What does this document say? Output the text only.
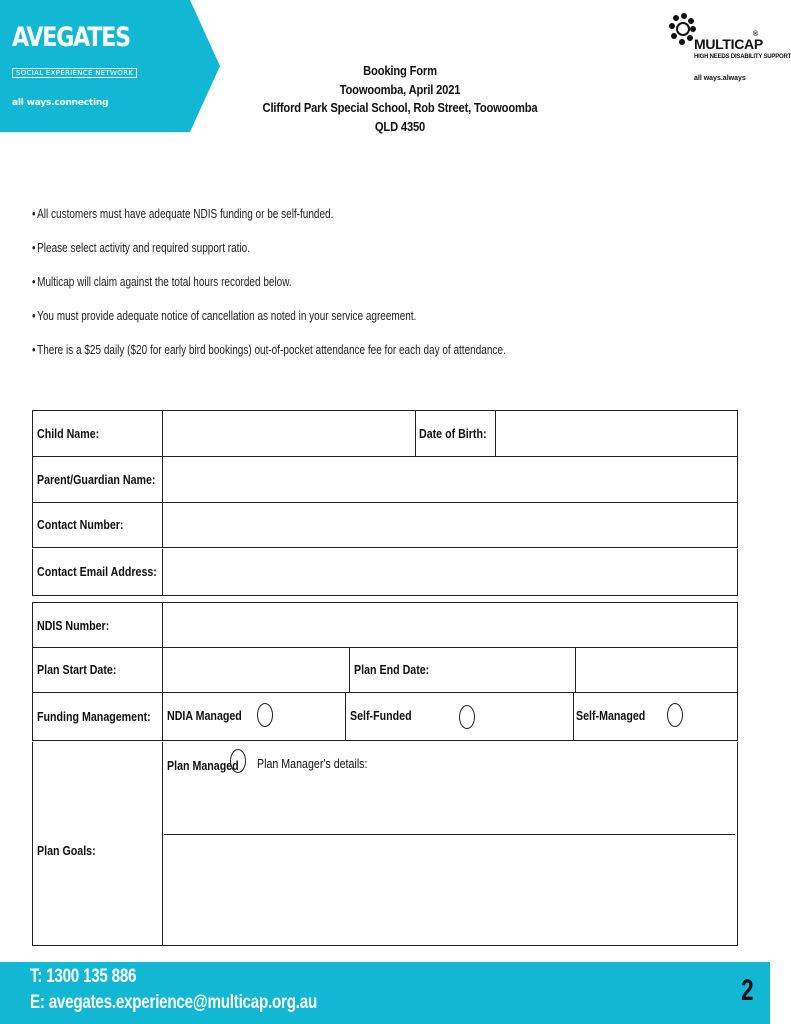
AVEGATES
SOCIAL EXPERIENCE NETWORK
all ways.connecting
MULTICAP
®
HIGH NEEDS DISABILITY SUPPORT
all ways.always
Booking Form
Toowoomba, April 2021
Clifford Park Special School, Rob Street, Toowoomba QLD 4350
• All customers must have adequate NDIS funding or be self-funded.
• Please select activity and required support ratio.
• Multicap will claim against the total hours recorded below.
• You must provide adequate notice of cancellation as noted in your service agreement.
• There is a $25 daily ($20 for early bird bookings) out-of-pocket attendance fee for each day of attendance.
Child Name:	Date of Birth:
Parent/Guardian Name:
Contact Number:
Contact Email Address:
NDIS Number:
Plan Start Date:	Plan End Date:
Funding Management: NDIA Managed	Self-Funded	Self-Managed
Plan Managed Plan Manager's details:
Plan Goals:
T: 1300 135 886
E: avegates.experience@multicap.org.au	2
